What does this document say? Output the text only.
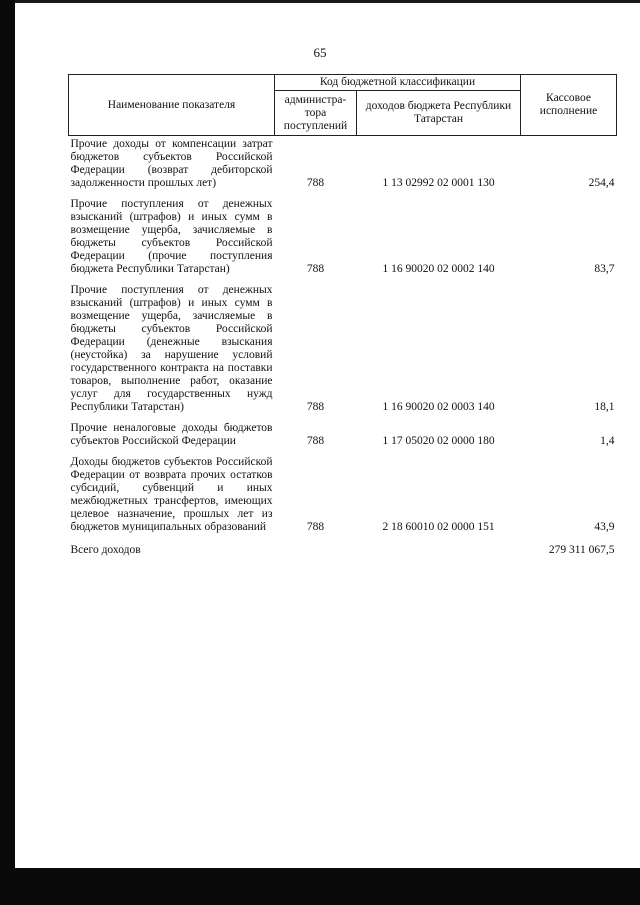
65
Наименование показателя	Код бюджетной классификации		Кассовое исполнение
	администра-тора поступлений	доходов бюджета Республики Татарстан	
Прочие доходы от компенсации затрат бюджетов субъектов Российской Федерации (возврат дебиторской задолженности прошлых лет)	788	1 13 02992 02 0001 130	254,4
Прочие поступления от денежных взысканий (штрафов) и иных сумм в возмещение ущерба, зачисляемые в бюджеты субъектов Российской Федерации (прочие поступления бюджета Республики Татарстан)	788	1 16 90020 02 0002 140	83,7
Прочие поступления от денежных взысканий (штрафов) и иных сумм в возмещение ущерба, зачисляемые в бюджеты субъектов Российской Федерации (денежные взыскания (неустойка) за нарушение условий государственного контракта на поставки товаров, выполнение работ, оказание услуг для государственных нужд Республики Татарстан)	788	1 16 90020 02 0003 140	18,1
Прочие неналоговые доходы бюджетов субъектов Российской Федерации	788	1 17 05020 02 0000 180	1,4
Доходы бюджетов субъектов Российской Федерации от возврата прочих остатков субсидий, субвенций и иных межбюджетных трансфертов, имеющих целевое назначение, прошлых лет из бюджетов муниципальных образований	788	2 18 60010 02 0000 151	43,9
Всего доходов			279 311 067,5
